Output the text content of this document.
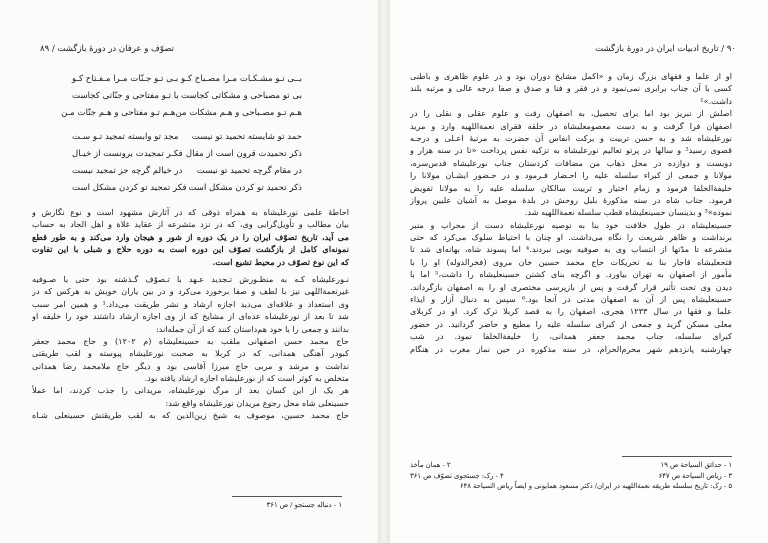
تصوّف و عرفان در دورهٔ بازگشت / ۸۹
بــی تـو مشـکـات مـرا مصـباح کـو
بـی تـو جـنّات مـرا مـفـتاح کـو
بی تو مصباحی و مشکاتی کجاست
با تـو مفتاحی و جنّاتی کجاست
هـم تـو مصـباحی و هـم مشکات من
هـم تـو مفتاحی و هـم جنّات مـن
حمد تو شایسته تحمید تو نیست
مجد تو وابسته تمجید تـو سـت
ذکر تحمیدت قرون است از مقال
فکـر تمجیدت برونست از خیـال
در مقام گرچه تحمید تو نیست
در خیالم گرچه جز تمجید نیست
ذکر تحمید تو کردن مشکل است
فکر تمجید تو کردن مشکل است
احاطهٔ علمی نورعلیشاه به همراه ذوقی که در آثارش مشهود است و نوع نگارش و
بیان مطالب و تأویل‌گرایی وی، که در نزد متشرعه از عقاید غلاة و اهل الحاد به حساب
می آید، تاریخ تصوّف ایران را در یک دوره از شور و هیجان وارد می‌کند و به طور قطع
نمونه‌ای کامل از بازگشت تصوّف این دوره است به دوره حلاج و شبلی با این تفاوت
که این نوع تصوّف در محیط تشیع است.
نـورعلیشاه کـه به منظـورش تـجدید عـهد با تـصوّف گـذشته بود حتی با صـوفیه
غیرنعمة‌اللهی نیز با لطف و صفا برخورد می‌کرد و در بین یاران خویش به هرکس که در
وی استعداد و علاقه‌ای می‌دید اجازه ارشاد و نشر طریقت می‌داد.¹ و همین امر سبب
شد تا بعد از نورعلیشاه عده‌ای از مشایخ که از وی اجازه ارشاد داشتند خود را خلیفه او
بدانند و جمعی را با خود هم‌داستان کنند که از آن جمله‌اند:
حاج محمد حسن اصفهانی ملقب به حسینعلیشاه (م ۱۲۰۲) و حاج محمد جعفر
کبودر آهنگی همدانی، که در کربلا به صحبت نورعلیشاه پیوسته و لقب طریقتی
نداشت و مرشد و مربی حاج میرزا آقاسی بود و دیگر حاج ملامحمد رضا همدانی
متخلص به کوثر است که از نورعلیشاه اجازه ارشاد یافته بود.
هر یک از این کسان بعد از مرگ نورعلیشاه، مریدانی را جذب کردند، اما عملاً
حسینعلی شاه محل رجوع مریدان نورعلیشاه واقع شد:
حاج محمد حسین، موصوف به شیخ زین‌الدین که به لقب طریقتش حسینعلی شـاه
۱ - دنباله جستجو / ص ۳۶۱
۹۰ / تاریخ ادبیات ایران در دورهٔ بازگشت
او از علما و فقهای بزرگ زمان و «اکمل مشایخ دوران بود و در علوم ظاهری و باطنی
کسی با آن جناب برابری نمی‌نمود و در فقر و فنا و صدق و صفا درجه عالی و مرتبه بلند
داشت.»¹
اصلش از تبریز بود اما برای تحصیل، به اصفهان رفت و علوم عقلی و نقلی را در
اصفهان فرا گرفت و به دست معصومعلیشاه در حلقه فقرای نعمة‌اللهیه وارد و مرید
نورعلیشاه شد و به حسن تربیت و برکت انفاس آن حضرت به مرتبهٔ اعـلی و درجـه
قصوی رسید² و سالها در پرتو تعالیم نورعلیشاه به تزکیه نفس پرداخت «تا در سنه هزار و
دویست و دوازده در محل ذهاب من مضافات کردستان جناب نورعلیشاه قدس‌سره،
مولانا و جمعی از کبراء سلسله علیه را احـضار فـرمود و در حـضور ایشـان مولانا را
خلیفة‌الخلفا فرمود و زمام اختیار و تربیت سالکان سلسله علیه را به مولانا تفویض
فرمود. جناب شاه در سنه مذکورهٔ بلبل روحش در بلدهٔ موصل به آشیان علیین پرواز
نموده»³ و بدینسان حسینعلیشاه قطب سلسله نعمة‌اللهیه شد.
حسینعلیشاه در طول خلافت خود بنا به توصیه نورعلیشاه دست از محراب و منبر
برنداشت و ظاهر شریعت را نگاه می‌داشت. او چنان با احتیاط سلوک می‌کرد که حتی
متشرعه تا مدّتها از انتساب وی به صوفیه بویی نبردند.⁴ اما پسوند شاه، بهانه‌ای شد تا
فتحعلیشاه قاجار بنا به تحریکات حاج محمد حسین خان مروی (فخرالدوله) او را با
مأمور از اصفهان به تهران بیاورد. و اگرچه بنای کشتن حسینعلیشاه را داشت،⁵ اما با
دیدن وی تحت تأثیر قرار گرفت و پس از بازپرسی مختصری او را به اصفهان بازگرداند.
حسینعلیشاه پس از آن به اصفهان مدتی در آنجا بود.⁶ سپس به دنبال آزار و ایذاء
علما و فقها در سال ۱۲۳۳ هجری، اصفهان را به قصد کربلا ترک کرد. او در کربلای
معلی مسکن گزید و جمعی از کبرای سلسله علیه را مطیع و حاضر گردانید. در حضور
کبرای سلسله، جناب محمد جعفر همدانی، را خلیفة‌الخلفا نمود. در شب
چهارشنبه پانزدهم شهر محرم‌الحرام، در سنه مذکوره در حین نماز مغرب در هنگام
۱ - حدائق السیاحة ص ۱۹
۲ - همان مأخذ
۳ - ریاض السیاحة ص ۶۴۷
۴ - رک: جستجوی تصوّف ص ۳۶۱
۵ - رک: تاریخ سلسله طریقه نعمة‌اللهیه در ایران/ دکتر مسعود همایونی و ایضاً ریاض السیاحة ۶۴۸
